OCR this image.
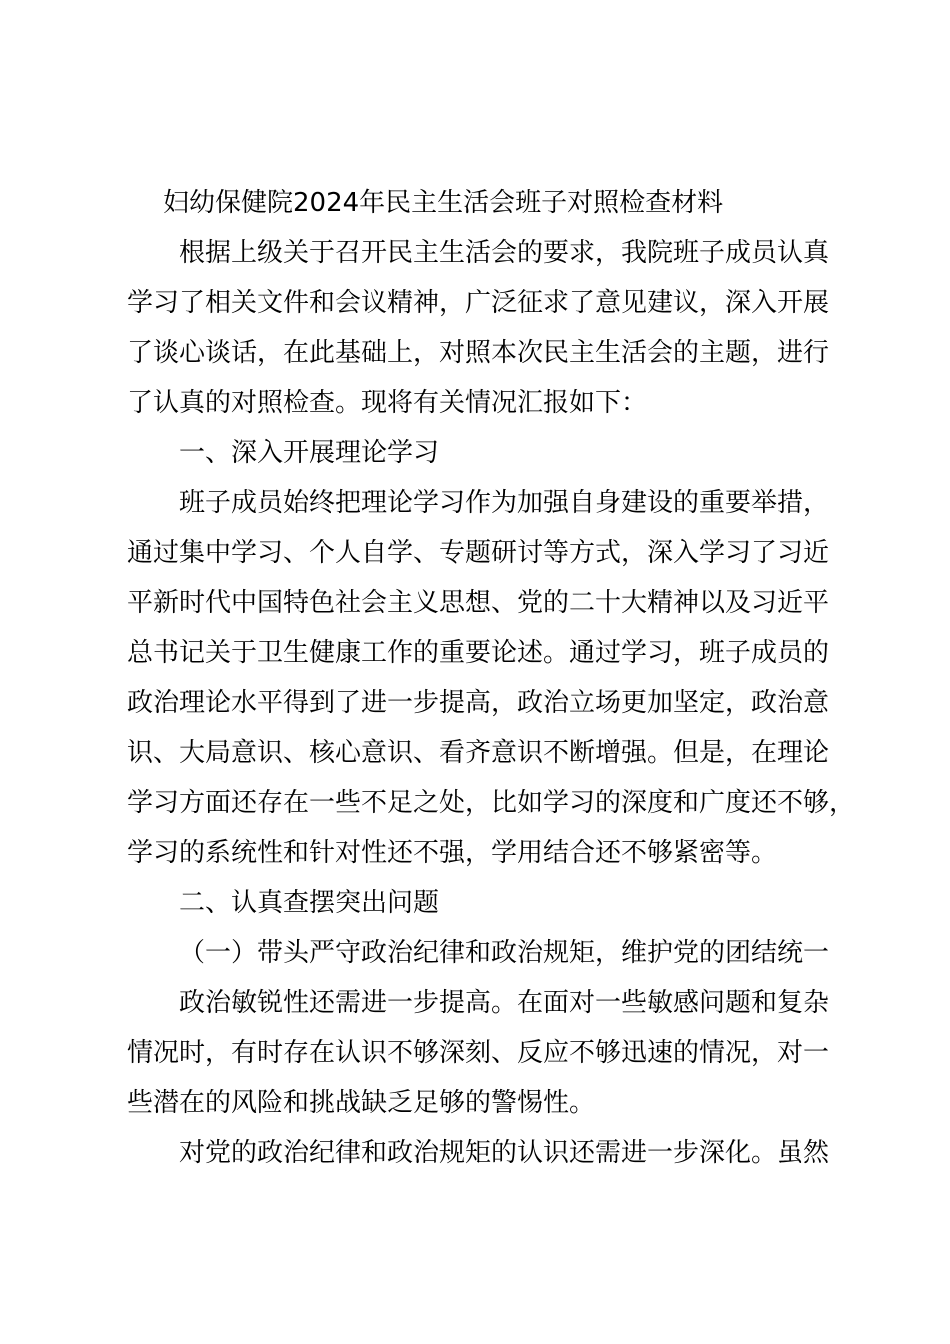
妇幼保健院2024年民主生活会班子对照检查材料

根据上级关于召开民主生活会的要求，我院班子成员认真

学习了相关文件和会议精神，广泛征求了意见建议，深入开展

了谈心谈话，在此基础上，对照本次民主生活会的主题，进行

了认真的对照检查。现将有关情况汇报如下：

一、深入开展理论学习

班子成员始终把理论学习作为加强自身建设的重要举措，

通过集中学习、个人自学、专题研讨等方式，深入学习了习近

平新时代中国特色社会主义思想、党的二十大精神以及习近平

总书记关于卫生健康工作的重要论述。通过学习，班子成员的

政治理论水平得到了进一步提高，政治立场更加坚定，政治意

识、大局意识、核心意识、看齐意识不断增强。但是，在理论

学习方面还存在一些不足之处，比如学习的深度和广度还不够，

学习的系统性和针对性还不强，学用结合还不够紧密等。

二、认真查摆突出问题

（一）带头严守政治纪律和政治规矩，维护党的团结统一

政治敏锐性还需进一步提高。在面对一些敏感问题和复杂

情况时，有时存在认识不够深刻、反应不够迅速的情况，对一

些潜在的风险和挑战缺乏足够的警惕性。

对党的政治纪律和政治规矩的认识还需进一步深化。虽然
